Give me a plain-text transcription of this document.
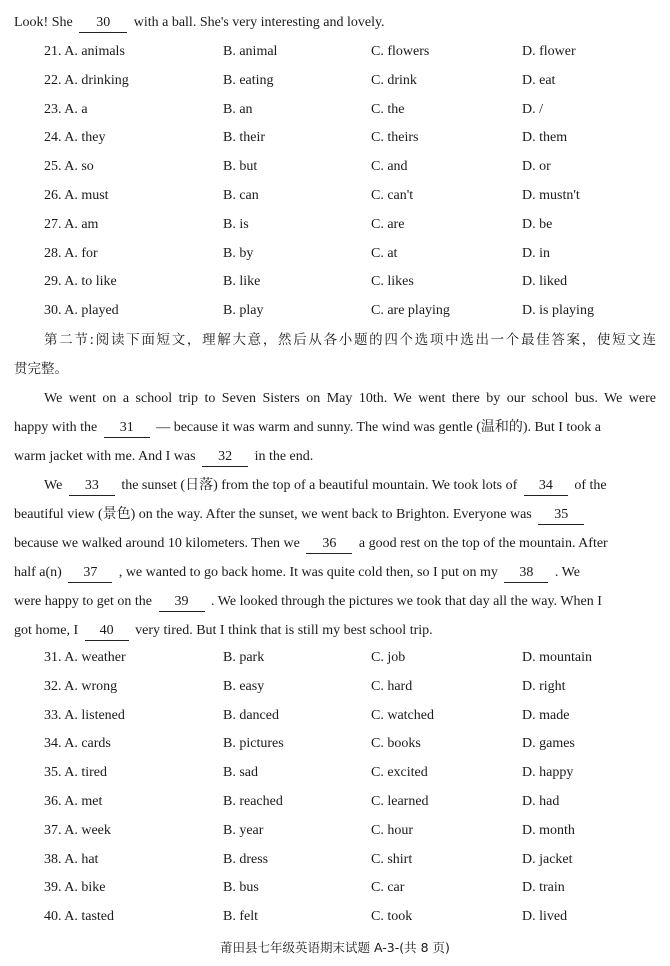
Look! She 30 with a ball. She's very interesting and lovely.
21. A. animals	B. animal	C. flowers	D. flower
22. A. drinking	B. eating	C. drink	D. eat
23. A. a	B. an	C. the	D. /
24. A. they	B. their	C. theirs	D. them
25. A. so	B. but	C. and	D. or
26. A. must	B. can	C. can't	D. mustn't
27. A. am	B. is	C. are	D. be
28. A. for	B. by	C. at	D. in
29. A. to like	B. like	C. likes	D. liked
30. A. played	B. play	C. are playing	D. is playing
第二节:阅读下面短文，理解大意，然后从各小题的四个选项中选出一个最佳答案，使短文连
贯完整。
We went on a school trip to Seven Sisters on May 10th. We went there by our school bus. We were
happy with the 31 — because it was warm and sunny. The wind was gentle (温和的). But I took a
warm jacket with me. And I was 32 in the end.
We 33 the sunset (日落) from the top of a beautiful mountain. We took lots of 34 of the
beautiful view (景色) on the way. After the sunset, we went back to Brighton. Everyone was 35
because we walked around 10 kilometers. Then we 36 a good rest on the top of the mountain. After
half a(n) 37 , we wanted to go back home. It was quite cold then, so I put on my 38 . We
were happy to get on the 39 . We looked through the pictures we took that day all the way. When I
got home, I 40 very tired. But I think that is still my best school trip.
31. A. weather	B. park	C. job	D. mountain
32. A. wrong	B. easy	C. hard	D. right
33. A. listened	B. danced	C. watched	D. made
34. A. cards	B. pictures	C. books	D. games
35. A. tired	B. sad	C. excited	D. happy
36. A. met	B. reached	C. learned	D. had
37. A. week	B. year	C. hour	D. month
38. A. hat	B. dress	C. shirt	D. jacket
39. A. bike	B. bus	C. car	D. train
40. A. tasted	B. felt	C. took	D. lived
莆田县七年级英语期末试题 A-3-(共 8 页)
